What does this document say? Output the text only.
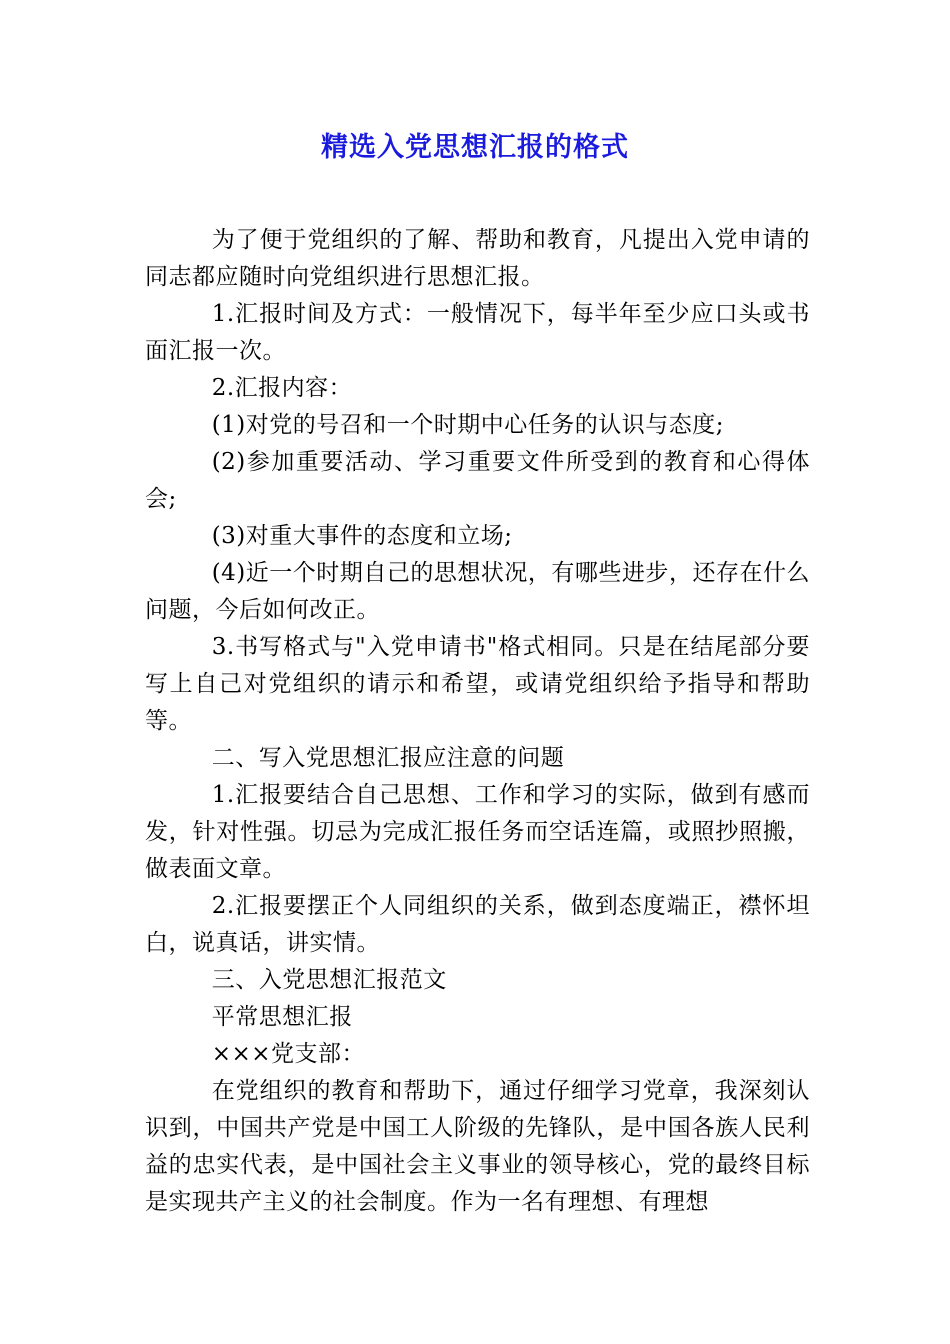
精选入党思想汇报的格式

为了便于党组织的了解、帮助和教育，凡提出入党申请的同志都应随时向党组织进行思想汇报。

1.汇报时间及方式：一般情况下，每半年至少应口头或书面汇报一次。

2.汇报内容：

(1)对党的号召和一个时期中心任务的认识与态度;

(2)参加重要活动、学习重要文件所受到的教育和心得体会;

(3)对重大事件的态度和立场;

(4)近一个时期自己的思想状况，有哪些进步，还存在什么问题，今后如何改正。

3.书写格式与"入党申请书"格式相同。只是在结尾部分要写上自己对党组织的请示和希望，或请党组织给予指导和帮助等。

二、写入党思想汇报应注意的问题

1.汇报要结合自己思想、工作和学习的实际，做到有感而发，针对性强。切忌为完成汇报任务而空话连篇，或照抄照搬，做表面文章。

2.汇报要摆正个人同组织的关系，做到态度端正，襟怀坦白，说真话，讲实情。

三、入党思想汇报范文

平常思想汇报

×××党支部：

在党组织的教育和帮助下，通过仔细学习党章，我深刻认识到，中国共产党是中国工人阶级的先锋队，是中国各族人民利益的忠实代表，是中国社会主义事业的领导核心，党的最终目标是实现共产主义的社会制度。作为一名有理想、有理想
